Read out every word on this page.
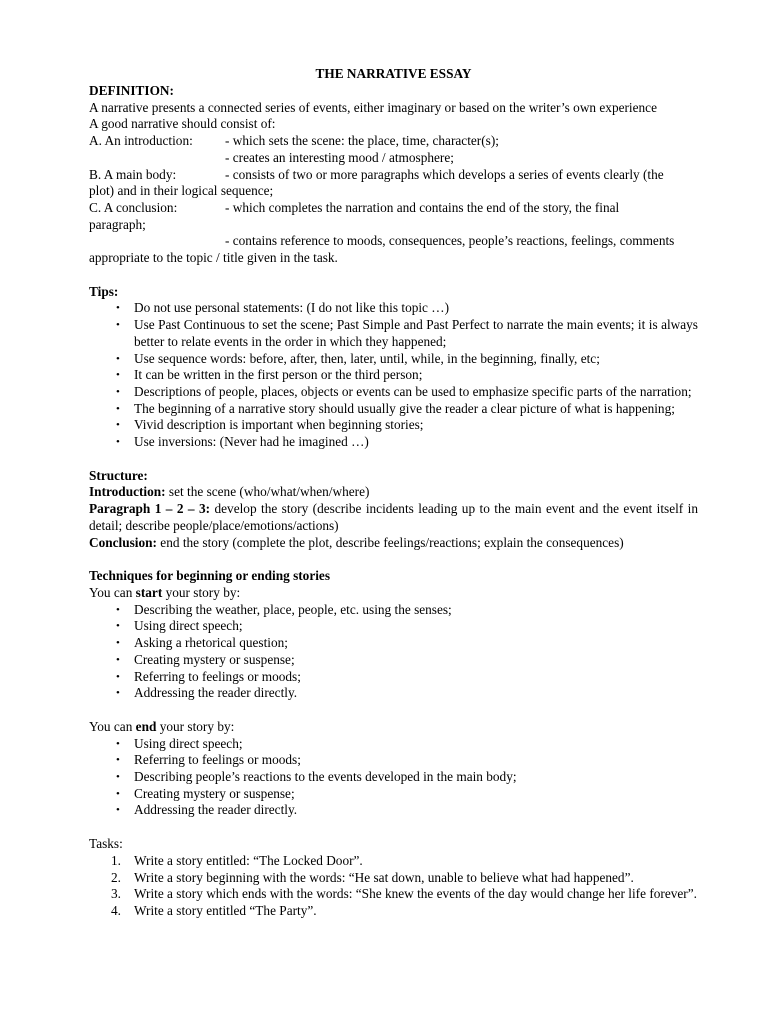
THE NARRATIVE ESSAY

DEFINITION:

A narrative presents a connected series of events, either imaginary or based on the writer’s own experience

A good narrative should consist of:

A. An introduction:	- which sets the scene: the place, time, character(s);

- creates an interesting mood / atmosphere;

B. A main body:	- consists of two or more paragraphs which develops a series of events clearly (the

plot) and in their logical sequence;

C. A conclusion:	- which completes the narration and contains the end of the story, the final

paragraph;

- contains reference to moods, consequences, people’s reactions, feelings, comments

appropriate to the topic / title given in the task.

Tips:

• Do not use personal statements: (I do not like this topic …)
• Use Past Continuous to set the scene; Past Simple and Past Perfect to narrate the main events; it is always better to relate events in the order in which they happened;
• Use sequence words: before, after, then, later, until, while, in the beginning, finally, etc;
• It can be written in the first person or the third person;
• Descriptions of people, places, objects or events can be used to emphasize specific parts of the narration;
• The beginning of a narrative story should usually give the reader a clear picture of what is happening;
• Vivid description is important when beginning stories;
• Use inversions: (Never had he imagined …)

Structure:

Introduction: set the scene (who/what/when/where)

Paragraph 1 – 2 – 3: develop the story (describe incidents leading up to the main event and the event itself in detail; describe people/place/emotions/actions)

Conclusion: end the story (complete the plot, describe feelings/reactions; explain the consequences)

Techniques for beginning or ending stories

You can start your story by:

• Describing the weather, place, people, etc. using the senses;
• Using direct speech;
• Asking a rhetorical question;
• Creating mystery or suspense;
• Referring to feelings or moods;
• Addressing the reader directly.

You can end your story by:

• Using direct speech;
• Referring to feelings or moods;
• Describing people’s reactions to the events developed in the main body;
• Creating mystery or suspense;
• Addressing the reader directly.

Tasks:

1. Write a story entitled: “The Locked Door”.
2. Write a story beginning with the words: “He sat down, unable to believe what had happened”.
3. Write a story which ends with the words: “She knew the events of the day would change her life forever”.
4. Write a story entitled “The Party”.
